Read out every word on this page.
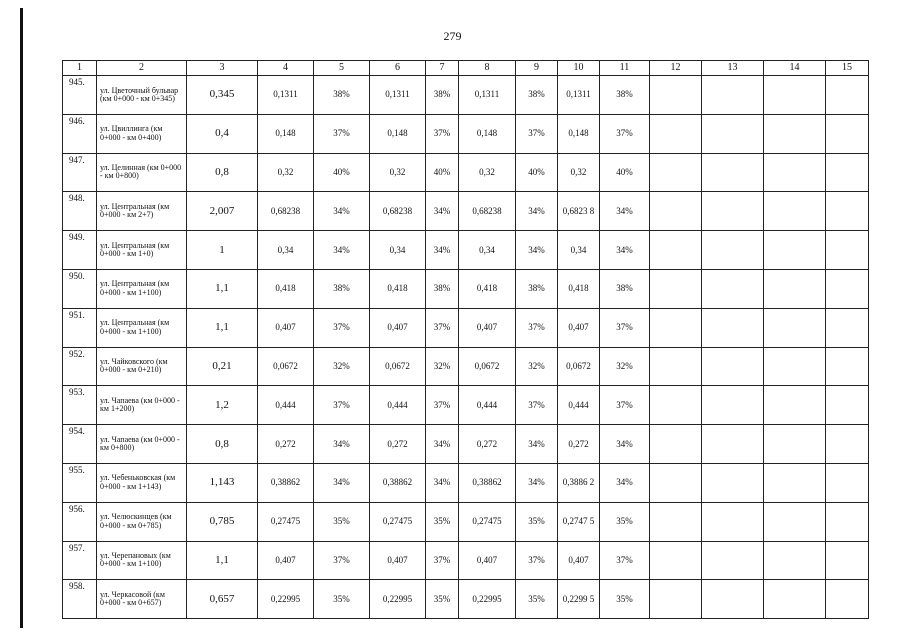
279
1	2	3	4	5	6	7	8	9	10	11	12	13	14	15
945.	ул. Цветочный бульвар (км 0+000 - км 0+345)	0,345	0,1311	38%	0,1311	38%	0,1311	38%	0,1311	38%				
946.	ул. Цвиллинга (км 0+000 - км 0+400)	0,4	0,148	37%	0,148	37%	0,148	37%	0,148	37%				
947.	ул. Целинная (км 0+000 - км 0+800)	0,8	0,32	40%	0,32	40%	0,32	40%	0,32	40%				
948.	ул. Центральная (км 0+000 - км 2+7)	2,007	0,68238	34%	0,68238	34%	0,68238	34%	0,6823 8	34%				
949.	ул. Центральная (км 0+000 - км 1+0)	1	0,34	34%	0,34	34%	0,34	34%	0,34	34%				
950.	ул. Центральная (км 0+000 - км 1+100)	1,1	0,418	38%	0,418	38%	0,418	38%	0,418	38%				
951.	ул. Центральная (км 0+000 - км 1+100)	1,1	0,407	37%	0,407	37%	0,407	37%	0,407	37%				
952.	ул. Чайковского (км 0+000 - км 0+210)	0,21	0,0672	32%	0,0672	32%	0,0672	32%	0,0672	32%				
953.	ул. Чапаева (км 0+000 - км 1+200)	1,2	0,444	37%	0,444	37%	0,444	37%	0,444	37%				
954.	ул. Чапаева (км 0+000 - км 0+800)	0,8	0,272	34%	0,272	34%	0,272	34%	0,272	34%				
955.	ул. Чебеньковская (км 0+000 - км 1+143)	1,143	0,38862	34%	0,38862	34%	0,38862	34%	0,3886 2	34%				
956.	ул. Челюскинцев (км 0+000 - км 0+785)	0,785	0,27475	35%	0,27475	35%	0,27475	35%	0,2747 5	35%				
957.	ул. Черепановых (км 0+000 - км 1+100)	1,1	0,407	37%	0,407	37%	0,407	37%	0,407	37%				
958.	ул. Черкасовой (км 0+000 - км 0+657)	0,657	0,22995	35%	0,22995	35%	0,22995	35%	0,2299 5	35%				
